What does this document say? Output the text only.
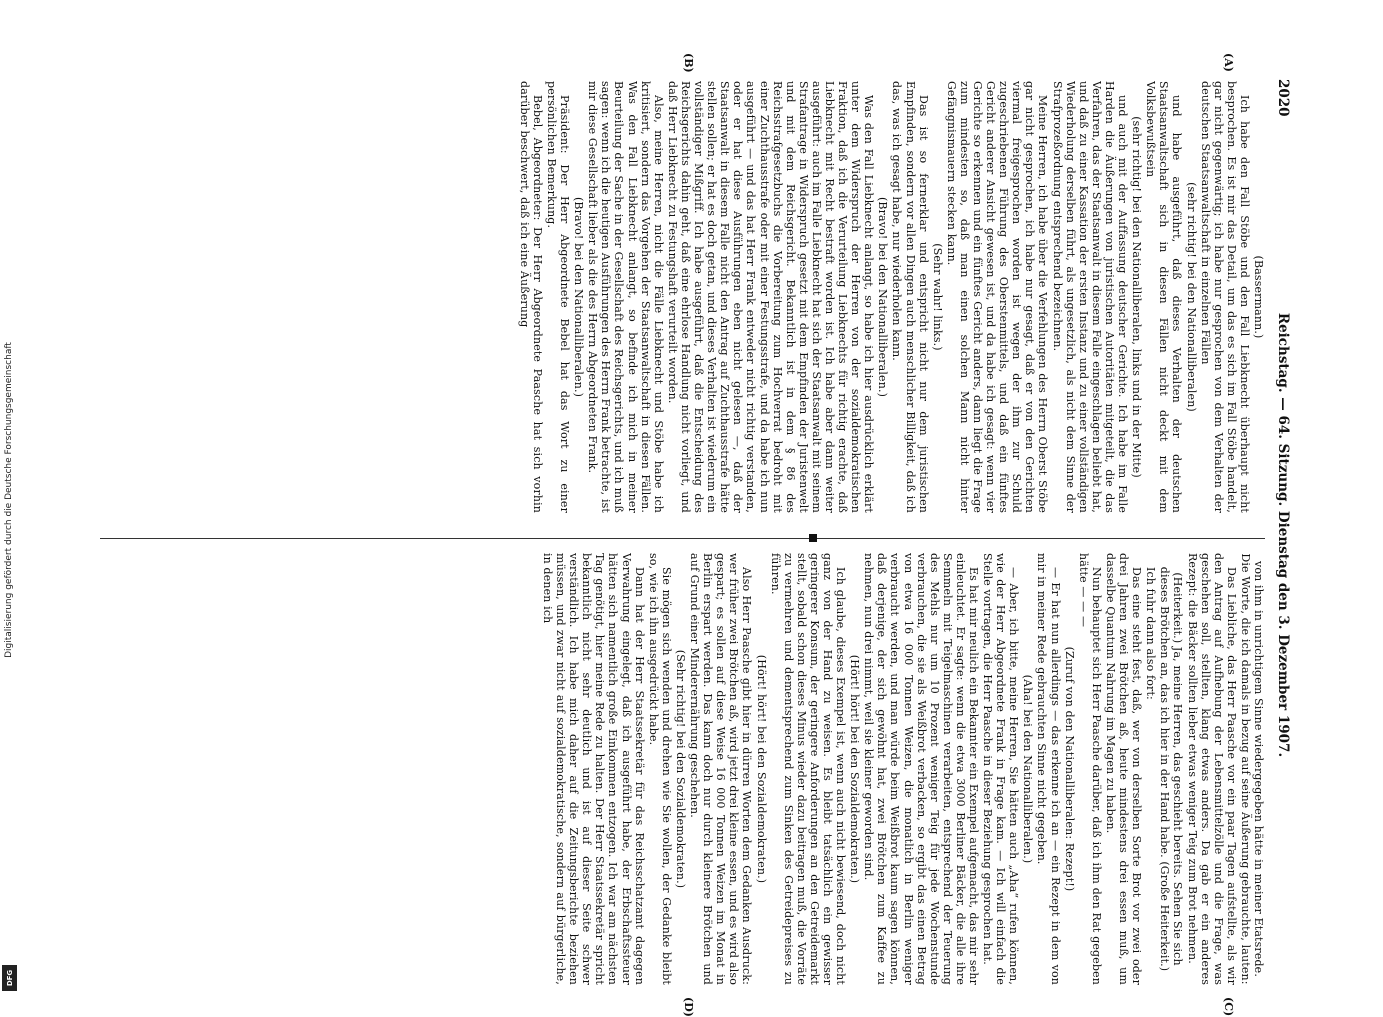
Digitalisierung gefördert durch die Deutsche Forschungsgemeinschaft
DFG
2020
Reichstag. — 64. Sitzung. Dienstag den 3. Dezember 1907.
(A)
(B)
(C)
(D)

(Bassermann.)

Ich habe den Fall Stöbe und den Fall Liebknecht überhaupt nicht besprochen. Es ist mir das Detail, um das es sich im Fall Stöbe handelt, gar nicht gegenwärtig; ich habe nur gesprochen von dem Verhalten der deutschen Staatsanwaltschaft in einzelnen Fällen

(sehr richtig! bei den Nationalliberalen)

und habe ausgeführt, daß dieses Verhalten der deutschen Staatsanwaltschaft sich in diesen Fällen nicht deckt mit dem Volksbewußtsein

(sehr richtig! bei den Nationalliberalen, links und in der Mitte)

und auch mit der Auffassung deutscher Gerichte. Ich habe im Falle Harden die Äußerungen von juristischen Autoritäten mitgeteilt, die das Verfahren, das der Staatsanwalt in diesem Falle eingeschlagen beliebt hat, und daß zu einer Kassation der ersten Instanz und zu einer vollständigen Wiederholung derselben führt, als ungesetzlich, als nicht dem Sinne der Strafprozeßordnung entsprechend bezeichnen.

Meine Herren, ich habe über die Verfehlungen des Herrn Oberst Stöbe gar nicht gesprochen, ich habe nur gesagt, daß er von den Gerichten viermal freigesprochen worden ist wegen der ihm zur Schuld zugeschriebenen Führung des Oberstenmittels, und daß ein fünftes Gericht anderer Ansicht gewesen ist, und da habe ich gesagt: wenn vier Gerichte so erkennen und ein fünftes Gericht anders, dann liegt die Frage zum mindesten so, daß man einen solchen Mann nicht hinter Gefängnismauern stecken kann.

(Sehr wahr! links.)

Das ist so fernerklar und entspricht nicht nur dem juristischen Empfinden, sondern vor allen Dingen auch menschlicher Billigkeit, daß ich das, was ich gesagt habe, nur wiederholen kann.

(Bravo! bei den Nationalliberalen.)

Was den Fall Liebknecht anlangt, so habe ich hier ausdrücklich erklärt unter dem Widerspruch der Herren von der sozialdemokratischen Fraktion, daß ich die Verurteilung Liebknechts für richtig erachte, daß Liebknecht mit Recht bestraft worden ist. Ich habe aber dann weiter ausgeführt: auch im Falle Liebknecht hat sich der Staatsanwalt mit seinem Strafantrage in Widerspruch gesetzt mit dem Empfinden der Juristenwelt und mit dem Reichsgericht. Bekanntlich ist in dem § 86 des Reichsstrafgesetzbuchs die Vorbereitung zum Hochverrat bedroht mit einer Zuchthausstrafe oder mit einer Festungsstrafe, und da habe ich nun ausgeführt — und das hat Herr Frank entweder nicht richtig verstanden, oder er hat diese Ausführungen eben nicht gelesen —, daß der Staatsanwalt in diesem Falle nicht den Antrag auf Zuchthausstrafe hätte stellen sollen; er hat es doch getan, und dieses Verhalten ist wiederum ein vollständiger Mißgriff. Ich habe ausgeführt, daß die Entscheidung des Reichsgerichts dahin geht, daß eine ehrlose Handlung nicht vorliegt, und daß Herr Liebknecht zu Festungshaft verurteilt worden.

Also, meine Herren, nicht die Fälle Liebknecht und Stöbe habe ich kritisiert, sondern das Vorgehen der Staatsanwaltschaft in diesen Fällen. Was den Fall Liebknecht anlangt, so befinde ich mich in meiner Beurteilung der Sache in der Gesellschaft des Reichsgerichts, und ich muß sagen: wenn ich die heutigen Ausführungen des Herrn Frank betrachte, ist mir diese Gesellschaft lieber als die des Herrn Abgeordneten Frank.

(Bravo! bei den Nationalliberalen.)

Präsident: Der Herr Abgeordnete Bebel hat das Wort zu einer persönlichen Bemerkung.

Bebel, Abgeordneter: Der Herr Abgeordnete Paasche hat sich vorhin darüber beschwert, daß ich eine Äußerung

von ihm in unrichtigem Sinne wiedergegeben hätte in meiner Etatsrede. Die Worte, die ich damals in bezug auf seine Äußerung gebrauchte, lauten:

Das Liebliche, das Herr Paasche vor ein paar Tagen aufstellte, als wir den Antrag auf Aufhebung der Lebensmittelzölle und die Frage, was geschehen soll, stellten, klang etwas anders. Da gab er ein anderes Rezept: die Bäcker sollten lieber etwas weniger Teig zum Brot nehmen.

(Heiterkeit.) Ja, meine Herren, das geschieht bereits. Sehen Sie sich dieses Brötchen an, das ich hier in der Hand habe. (Große Heiterkeit.)

Ich fuhr dann also fort:

Das eine steht fest, daß, wer von derselben Sorte Brot vor zwei oder drei Jahren zwei Brötchen aß, heute mindestens drei essen muß, um dasselbe Quantum Nahrung im Magen zu haben.

Nun behauptet sich Herr Paasche darüber, daß ich ihm den Rat gegeben hätte — — —

(Zuruf von den Nationalliberalen: Rezept!)

— Er hat nun allerdings — das erkenne ich an — ein Rezept in dem von mir in meiner Rede gebrauchten Sinne nicht gegeben.

(Aha! bei den Nationalliberalen.)

— Aber, ich bitte, meine Herren, Sie hätten auch „Aha“ rufen können, wie der Herr Abgeordnete Frank in Frage kam. — Ich will einfach die Stelle vortragen, die Herr Paasche in dieser Beziehung gesprochen hat.

Es hat mir neulich ein Bekannter ein Exempel aufgemacht, das mir sehr einleuchtet. Er sagte: wenn die etwa 3000 Berliner Bäcker, die alle ihre Semmeln mit Teigelmaschinen verarbeiten, entsprechend der Teuerung des Mehls nur um 10 Prozent weniger Teig für jede Wochenstunde verbrauchen, die sie als Weißbrot verbacken, so ergibt das einen Betrag von etwa 16 000 Tonnen Weizen, die monatlich in Berlin weniger verbraucht werden, und man würde beim Weißbrot kaum sagen können, daß derjenige, der sich gewöhnt hat, zwei Brötchen zum Kaffee zu nehmen, nun drei nimmt, weil sie kleiner geworden sind.

(Hört! hört! bei den Sozialdemokraten.)

Ich glaube, dieses Exempel ist, wenn auch nicht bewiesend, doch nicht ganz von der Hand zu weisen. Es bleibt tatsächlich ein gewisser geringerer Konsum, der geringere Anforderungen an den Getreidemarkt stellt, sobald schon dieses Minus wieder dazu beitragen muß, die Vorräte zu vermehren und dementsprechend zum Sinken des Getreidepreises zu führen.

(Hört! hört! bei den Sozialdemokraten.)

Also Herr Paasche gibt hier in dürren Worten dem Gedanken Ausdruck: wer früher zwei Brötchen aß, wird jetzt drei kleine essen, und es wird also gespart; es sollen auf diese Weise 16 000 Tonnen Weizen im Monat in Berlin erspart werden. Das kann doch nur durch kleinere Brötchen und auf Grund einer Minderernährung geschehen.

(Sehr richtig! bei den Sozialdemokraten.)

Sie mögen sich wenden und drehen wie Sie wollen, der Gedanke bleibt so, wie ich ihn ausgedrückt habe.

Dann hat der Herr Staatssekretär für das Reichsschatzamt dagegen Verwahrung eingelegt, daß ich ausgeführt habe, der Erbschaftssteuer hätten sich namentlich große Einkommen entzogen. Ich war am nächsten Tag genötigt, hier meine Rede zu halten. Der Herr Staatssekretär spricht bekanntlich nicht sehr deutlich und ist auf dieser Seite schwer verständlich. Ich habe mich daher auf die Zeitungsberichte beziehen müssen, und zwar nicht auf sozialdemokratische, sondern auf bürgerliche, in denen ich
